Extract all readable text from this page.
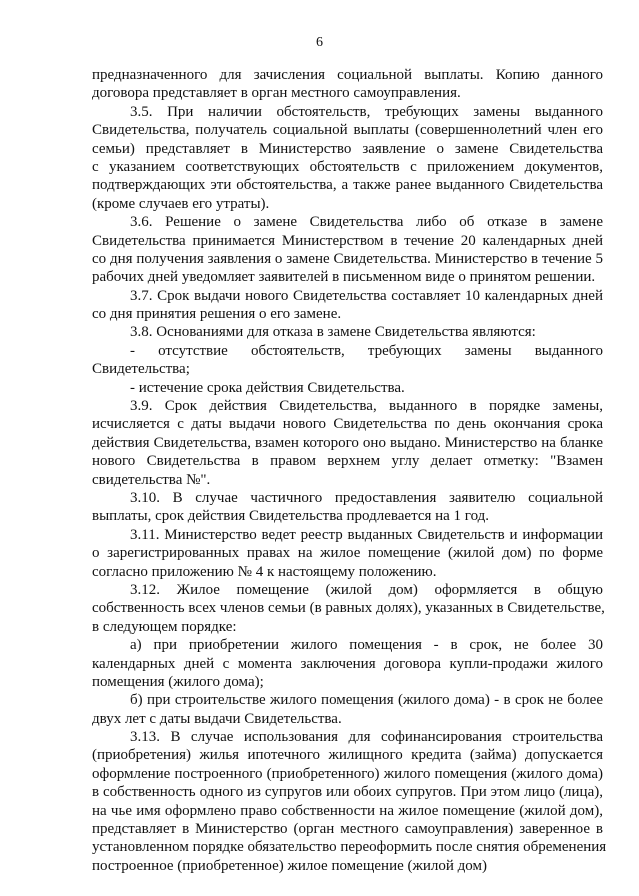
6
предназначенного для зачисления социальной выплаты. Копию данного
договора представляет в орган местного самоуправления.
3.5. При наличии обстоятельств, требующих замены выданного
Свидетельства, получатель социальной выплаты (совершеннолетний член его
семьи) представляет в Министерство заявление о замене Свидетельства
с указанием соответствующих обстоятельств с приложением документов,
подтверждающих эти обстоятельства, а также ранее выданного Свидетельства
(кроме случаев его утраты).
3.6. Решение о замене Свидетельства либо об отказе в замене
Свидетельства принимается Министерством в течение 20 календарных дней
со дня получения заявления о замене Свидетельства. Министерство в течение 5
рабочих дней уведомляет заявителей в письменном виде о принятом решении.
3.7. Срок выдачи нового Свидетельства составляет 10 календарных дней
со дня принятия решения о его замене.
3.8. Основаниями для отказа в замене Свидетельства являются:
- отсутствие обстоятельств, требующих замены выданного
Свидетельства;
- истечение срока действия Свидетельства.
3.9. Срок действия Свидетельства, выданного в порядке замены,
исчисляется с даты выдачи нового Свидетельства по день окончания срока
действия Свидетельства, взамен которого оно выдано. Министерство на бланке
нового Свидетельства в правом верхнем углу делает отметку: "Взамен
свидетельства №".
3.10. В случае частичного предоставления заявителю социальной
выплаты, срок действия Свидетельства продлевается на 1 год.
3.11. Министерство ведет реестр выданных Свидетельств и информации
о зарегистрированных правах на жилое помещение (жилой дом) по форме
согласно приложению № 4 к настоящему положению.
3.12. Жилое помещение (жилой дом) оформляется в общую
собственность всех членов семьи (в равных долях), указанных в Свидетельстве,
в следующем порядке:
а) при приобретении жилого помещения - в срок, не более 30
календарных дней с момента заключения договора купли-продажи жилого
помещения (жилого дома);
б) при строительстве жилого помещения (жилого дома) - в срок не более
двух лет с даты выдачи Свидетельства.
3.13. В случае использования для софинансирования строительства
(приобретения) жилья ипотечного жилищного кредита (займа) допускается
оформление построенного (приобретенного) жилого помещения (жилого дома)
в собственность одного из супругов или обоих супругов. При этом лицо (лица),
на чье имя оформлено право собственности на жилое помещение (жилой дом),
представляет в Министерство (орган местного самоуправления) заверенное в
установленном порядке обязательство переоформить после снятия обременения
построенное (приобретенное) жилое помещение (жилой дом)
